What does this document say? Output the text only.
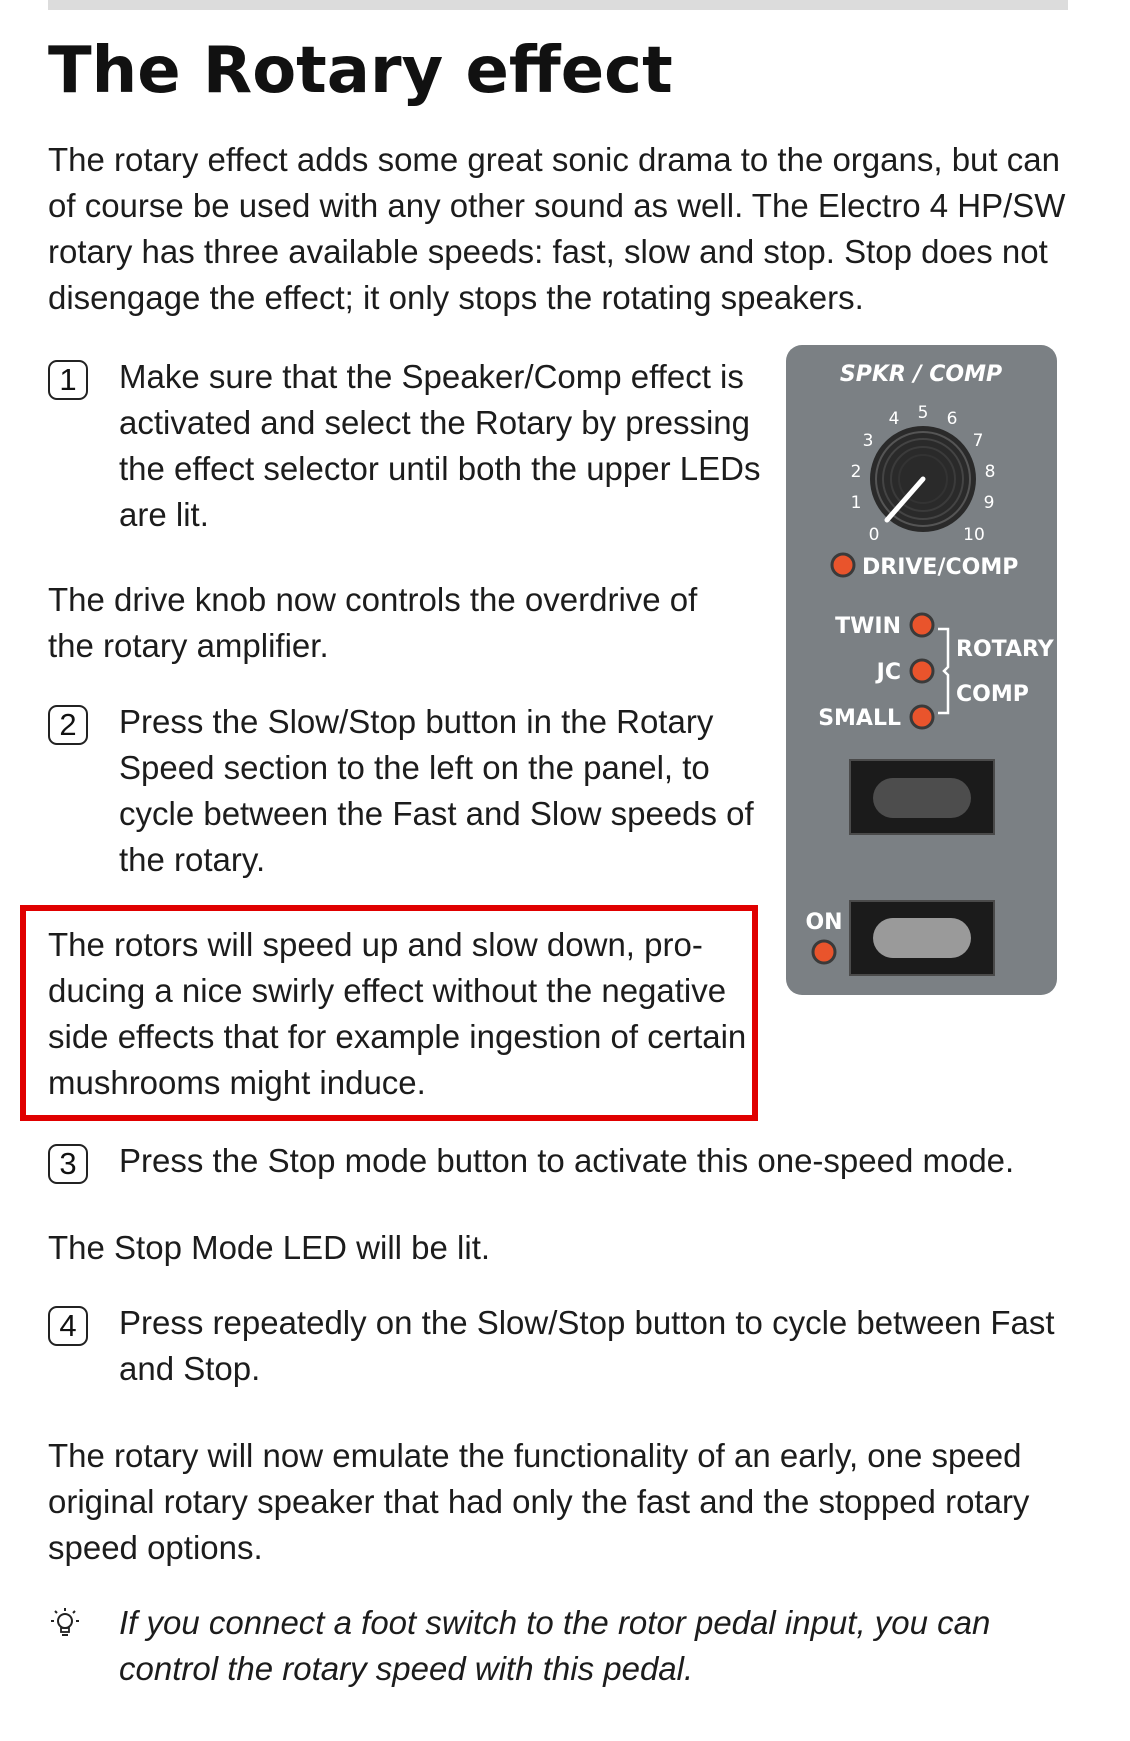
The Rotary effect

The rotary effect adds some great sonic drama to the organs, but can of course be used with any other sound as well. The Electro 4 HP/SW rotary has three available speeds: fast, slow and stop. Stop does not disengage the effect; it only stops the rotating speakers.

1	Make sure that the Speaker/Comp effect is activated and select the Rotary by pressing the effect selector until both the upper LEDs are lit.

The drive knob now controls the overdrive of the rotary amplifier.

2	Press the Slow/Stop button in the Rotary Speed section to the left on the panel, to cycle between the Fast and Slow speeds of the rotary.

The rotors will speed up and slow down, pro-ducing a nice swirly effect without the negative side effects that for example ingestion of certain mushrooms might induce.

3	Press the Stop mode button to activate this one-speed mode.

The Stop Mode LED will be lit.

4	Press repeatedly on the Slow/Stop button to cycle between Fast and Stop.

The rotary will now emulate the functionality of an early, one speed original rotary speaker that had only the fast and the stopped rotary speed options.

If you connect a foot switch to the rotor pedal input, you can control the rotary speed with this pedal.

SPKR / COMP
0
1
2
3
4 5 6
7
8
9
10
DRIVE/COMP
TWIN
JC
SMALL
ROTARY
COMP
ON
